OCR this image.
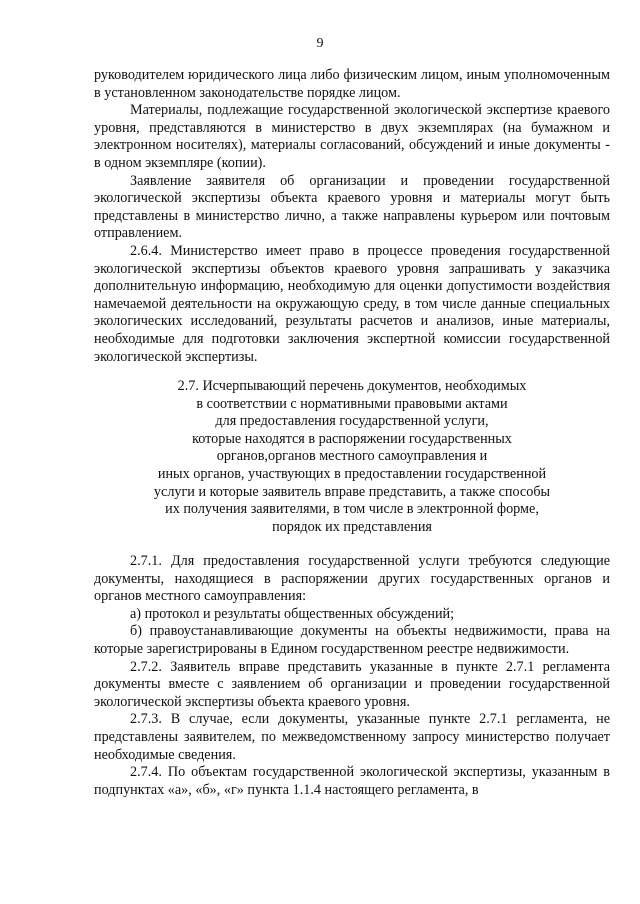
9

руководителем юридического лица либо физическим лицом, иным уполномоченным в установленном законодательстве порядке лицом.

Материалы, подлежащие государственной экологической экспертизе краевого уровня, представляются в министерство в двух экземплярах (на бумажном и электронном носителях), материалы согласований, обсуждений и иные документы - в одном экземпляре (копии).

Заявление заявителя об организации и проведении государственной экологической экспертизы объекта краевого уровня и материалы могут быть представлены в министерство лично, а также направлены курьером или почтовым отправлением.

2.6.4. Министерство имеет право в процессе проведения государственной экологической экспертизы объектов краевого уровня запрашивать у заказчика дополнительную информацию, необходимую для оценки допустимости воздействия намечаемой деятельности на окружающую среду, в том числе данные специальных экологических исследований, результаты расчетов и анализов, иные материалы, необходимые для подготовки заключения экспертной комиссии государственной экологической экспертизы.

2.7. Исчерпывающий перечень документов, необходимых
в соответствии с нормативными правовыми актами
для предоставления государственной услуги,
которые находятся в распоряжении государственных
органов,органов местного самоуправления и
иных органов, участвующих в предоставлении государственной
услуги и которые заявитель вправе представить, а также способы
их получения заявителями, в том числе в электронной форме,
порядок их представления

2.7.1. Для предоставления государственной услуги требуются следующие документы, находящиеся в распоряжении других государственных органов и органов местного самоуправления:

а) протокол и результаты общественных обсуждений;

б) правоустанавливающие документы на объекты недвижимости, права на которые зарегистрированы в Едином государственном реестре недвижимости.

2.7.2. Заявитель вправе представить указанные в пункте 2.7.1 регламента документы вместе с заявлением об организации и проведении государственной экологической экспертизы объекта краевого уровня.

2.7.3. В случае, если документы, указанные пункте 2.7.1 регламента, не представлены заявителем, по межведомственному запросу министерство получает необходимые сведения.

2.7.4. По объектам государственной экологической экспертизы, указанным в подпунктах «а», «б», «г» пункта 1.1.4 настоящего регламента, в
